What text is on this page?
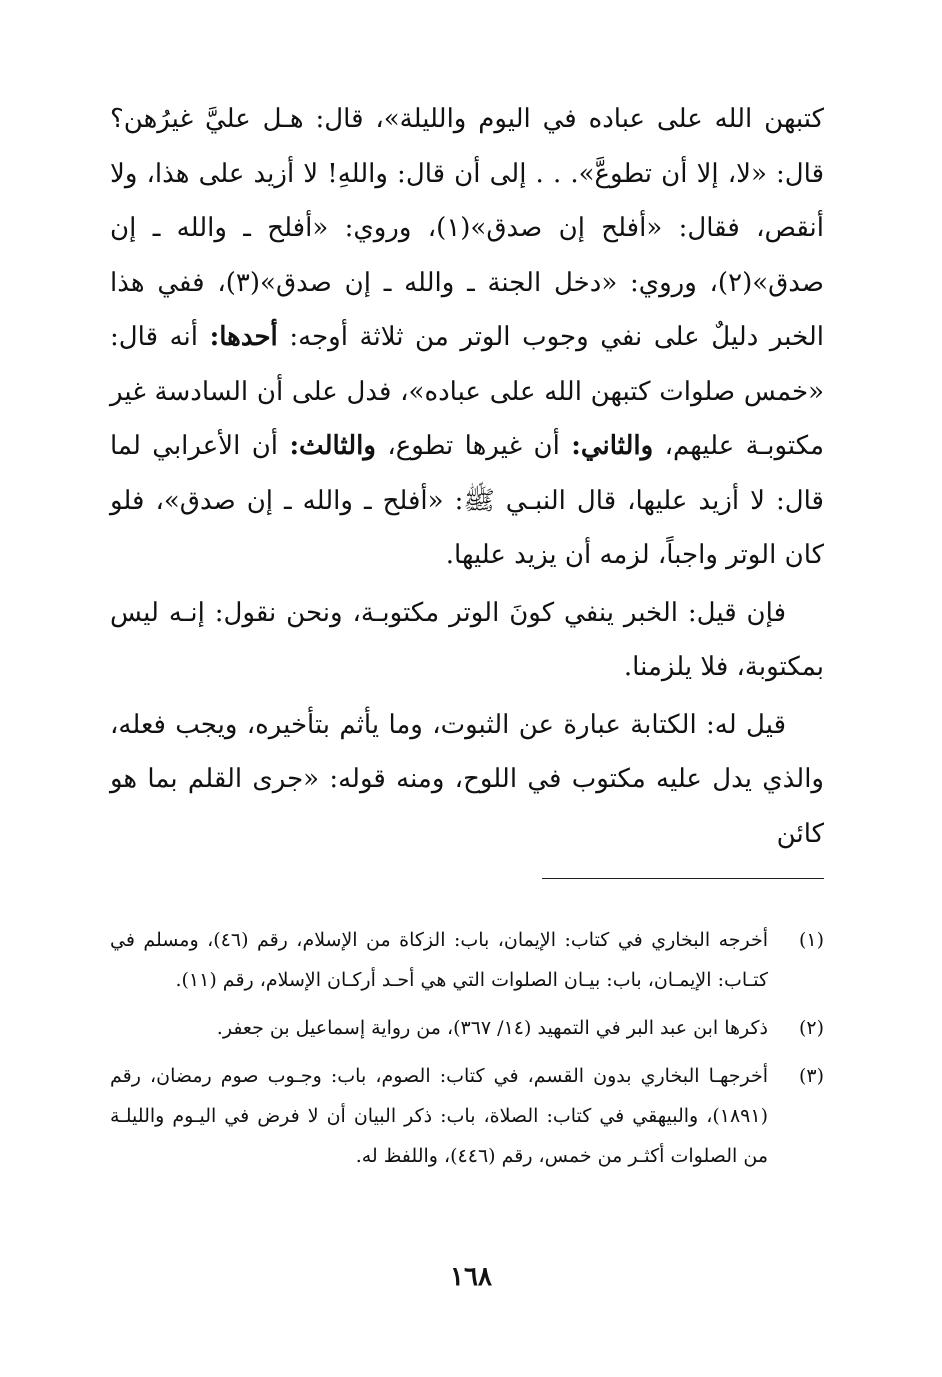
كتبهن الله على عباده في اليوم والليلة»، قال: هـل عليَّ غيرُهن؟ قال: «لا، إلا أن تطوعَّ». . . إلى أن قال: واللهِ! لا أزيد على هذا، ولا أنقص، فقال: «أفلح إن صدق»(١)، وروي: «أفلح ـ والله ـ إن صدق»(٢)، وروي: «دخل الجنة ـ والله ـ إن صدق»(٣)، ففي هذا الخبر دليلٌ على نفي وجوب الوتر من ثلاثة أوجه: أحدها: أنه قال: «خمس صلوات كتبهن الله على عباده»، فدل على أن السادسة غير مكتوبـة عليهم، والثاني: أن غيرها تطوع، والثالث: أن الأعرابي لما قال: لا أزيد عليها، قال النبـي ﷺ: «أفلح ـ والله ـ إن صدق»، فلو كان الوتر واجباً، لزمه أن يزيد عليها.

فإن قيل: الخبر ينفي كونَ الوتر مكتوبـة، ونحن نقول: إنـه ليس بمكتوبة، فلا يلزمنا.

قيل له: الكتابة عبارة عن الثبوت، وما يأثم بتأخيره، ويجب فعله، والذي يدل عليه مكتوب في اللوح، ومنه قوله: «جرى القلم بما هو كائن

(١)
أخرجه البخاري في كتاب: الإيمان، باب: الزكاة من الإسلام، رقم (٤٦)، ومسلم في كتـاب: الإيمـان، باب: بيـان الصلوات التي هي أحـد أركـان الإسلام، رقم (١١).
(٢)
ذكرها ابن عبد البر في التمهيد (١٤/ ٣٦٧)، من رواية إسماعيل بن جعفر.
(٣)
أخرجهـا البخاري بدون القسم، في كتاب: الصوم، باب: وجـوب صوم رمضان، رقم (١٨٩١)، والبيهقي في كتاب: الصلاة، باب: ذكر البيان أن لا فرض في اليـوم والليلـة من الصلوات أكثـر من خمس، رقم (٤٤٦)، واللفظ له.
١٦٨
